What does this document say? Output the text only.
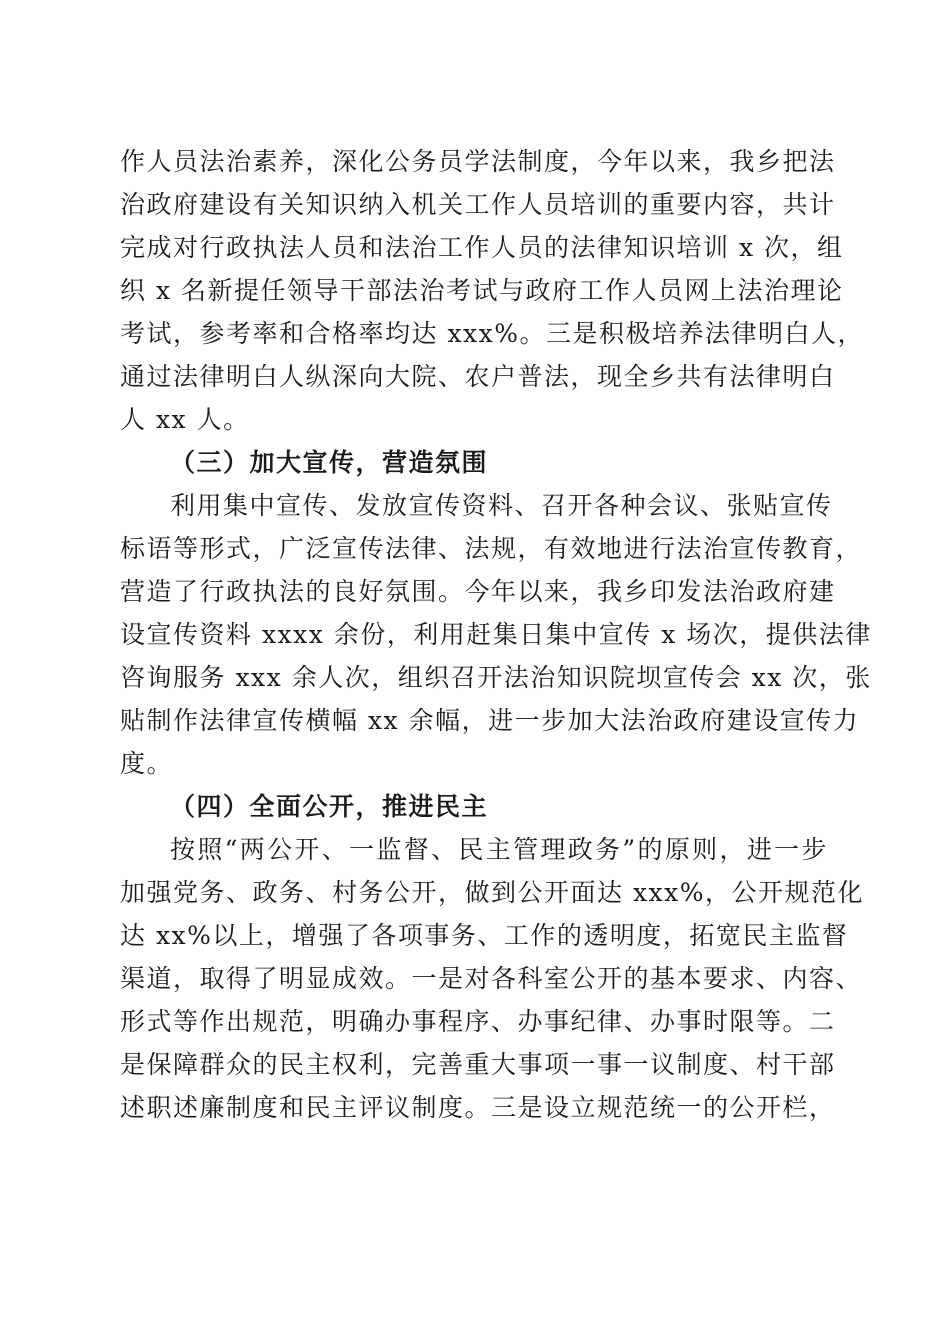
作人员法治素养，深化公务员学法制度，今年以来，我乡把法
治政府建设有关知识纳入机关工作人员培训的重要内容，共计
完成对行政执法人员和法治工作人员的法律知识培训 x 次，组
织 x 名新提任领导干部法治考试与政府工作人员网上法治理论
考试，参考率和合格率均达 xxx%。三是积极培养法律明白人，
通过法律明白人纵深向大院、农户普法，现全乡共有法律明白
人 xx 人。
（三）加大宣传，营造氛围
利用集中宣传、发放宣传资料、召开各种会议、张贴宣传
标语等形式，广泛宣传法律、法规，有效地进行法治宣传教育，
营造了行政执法的良好氛围。今年以来，我乡印发法治政府建
设宣传资料 xxxx 余份，利用赶集日集中宣传 x 场次，提供法律
咨询服务 xxx 余人次，组织召开法治知识院坝宣传会 xx 次，张
贴制作法律宣传横幅 xx 余幅，进一步加大法治政府建设宣传力
度。
（四）全面公开，推进民主
按照“两公开、一监督、民主管理政务”的原则，进一步
加强党务、政务、村务公开，做到公开面达 xxx%，公开规范化
达 xx%以上，增强了各项事务、工作的透明度，拓宽民主监督
渠道，取得了明显成效。一是对各科室公开的基本要求、内容、
形式等作出规范，明确办事程序、办事纪律、办事时限等。二
是保障群众的民主权利，完善重大事项一事一议制度、村干部
述职述廉制度和民主评议制度。三是设立规范统一的公开栏，
